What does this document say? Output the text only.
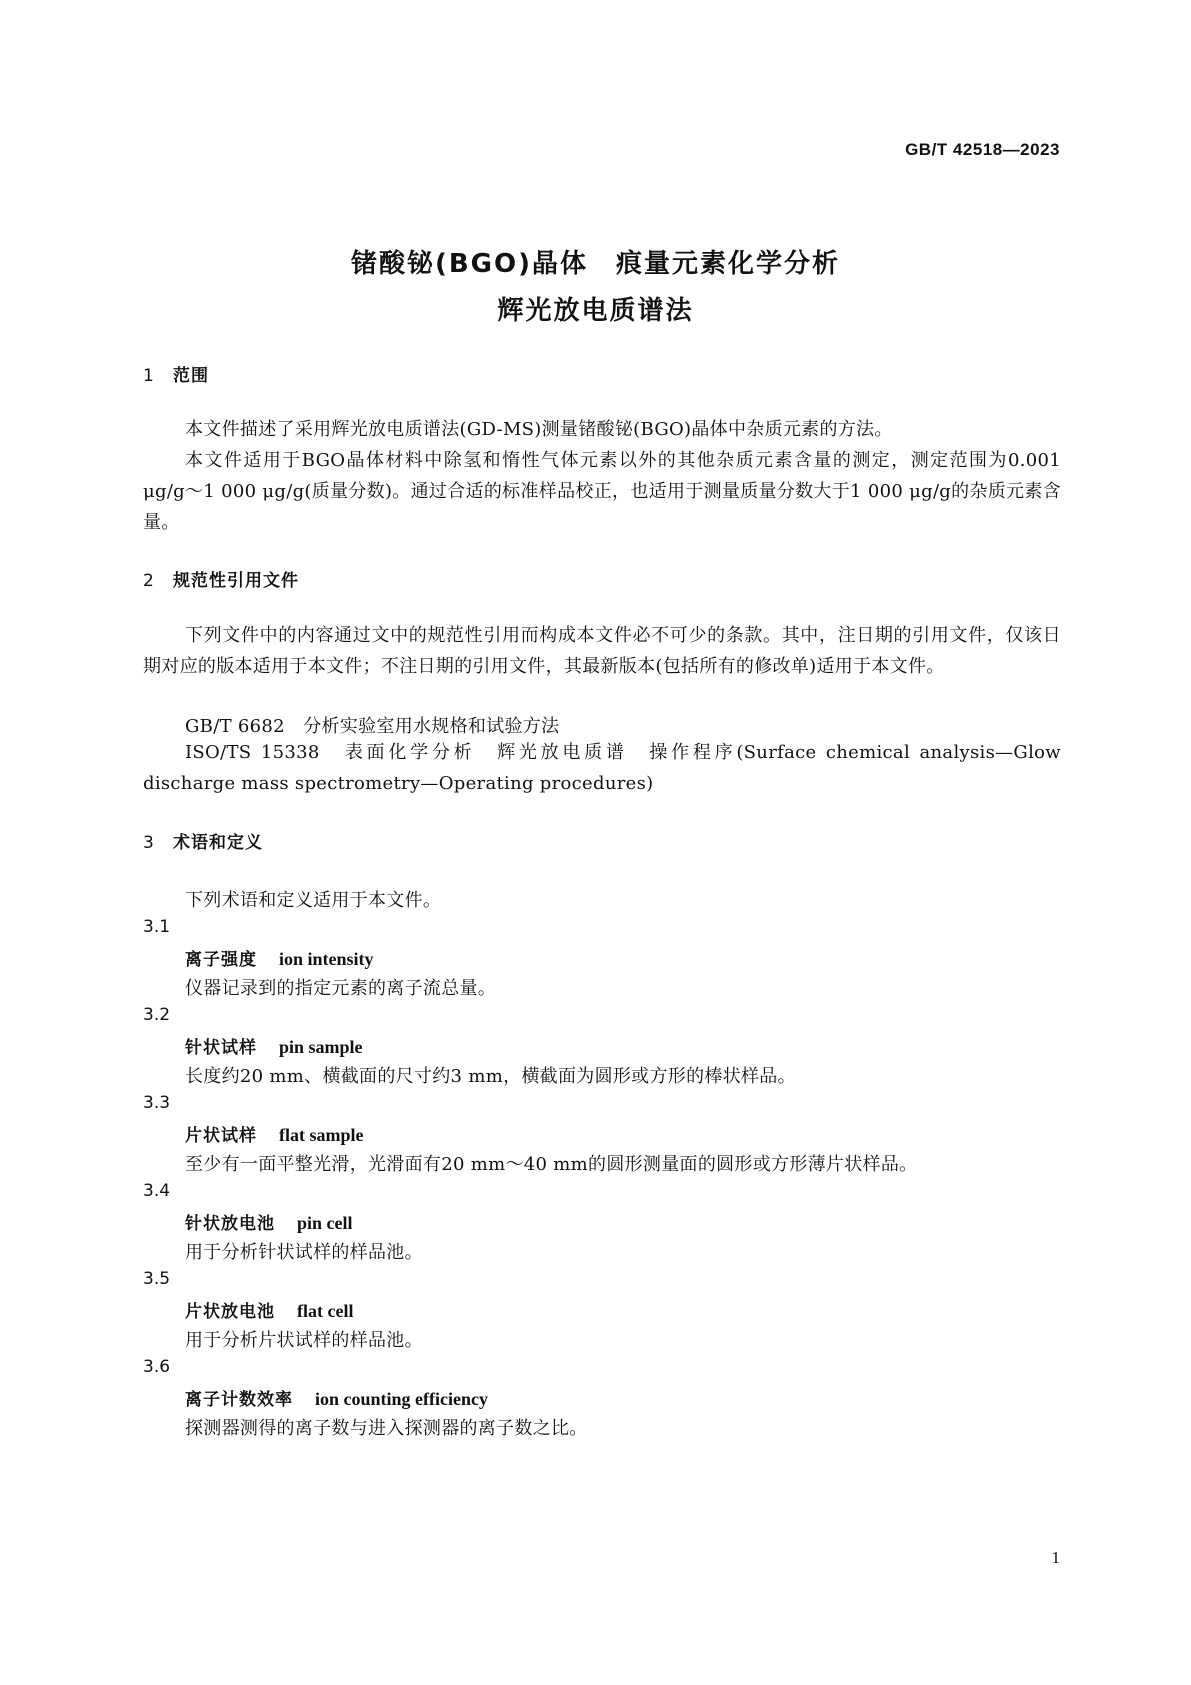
GB/T 42518—2023
锗酸铋(BGO)晶体　痕量元素化学分析
辉光放电质谱法
1 范围
本文件描述了采用辉光放电质谱法(GD-MS)测量锗酸铋(BGO)晶体中杂质元素的方法。
本文件适用于BGO晶体材料中除氢和惰性气体元素以外的其他杂质元素含量的测定，测定范围为0.001 μg/g～1 000 μg/g(质量分数)。通过合适的标准样品校正，也适用于测量质量分数大于1 000 μg/g的杂质元素含量。
2 规范性引用文件
下列文件中的内容通过文中的规范性引用而构成本文件必不可少的条款。其中，注日期的引用文件，仅该日期对应的版本适用于本文件；不注日期的引用文件，其最新版本(包括所有的修改单)适用于本文件。
GB/T 6682　分析实验室用水规格和试验方法
ISO/TS 15338　表面化学分析　辉光放电质谱　操作程序(Surface chemical analysis—Glow discharge mass spectrometry—Operating procedures)
3 术语和定义
下列术语和定义适用于本文件。
3.1
离子强度 ion intensity
仪器记录到的指定元素的离子流总量。
3.2
针状试样 pin sample
长度约20 mm、横截面的尺寸约3 mm，横截面为圆形或方形的棒状样品。
3.3
片状试样 flat sample
至少有一面平整光滑，光滑面有20 mm～40 mm的圆形测量面的圆形或方形薄片状样品。
3.4
针状放电池 pin cell
用于分析针状试样的样品池。
3.5
片状放电池 flat cell
用于分析片状试样的样品池。
3.6
离子计数效率 ion counting efficiency
探测器测得的离子数与进入探测器的离子数之比。
1
